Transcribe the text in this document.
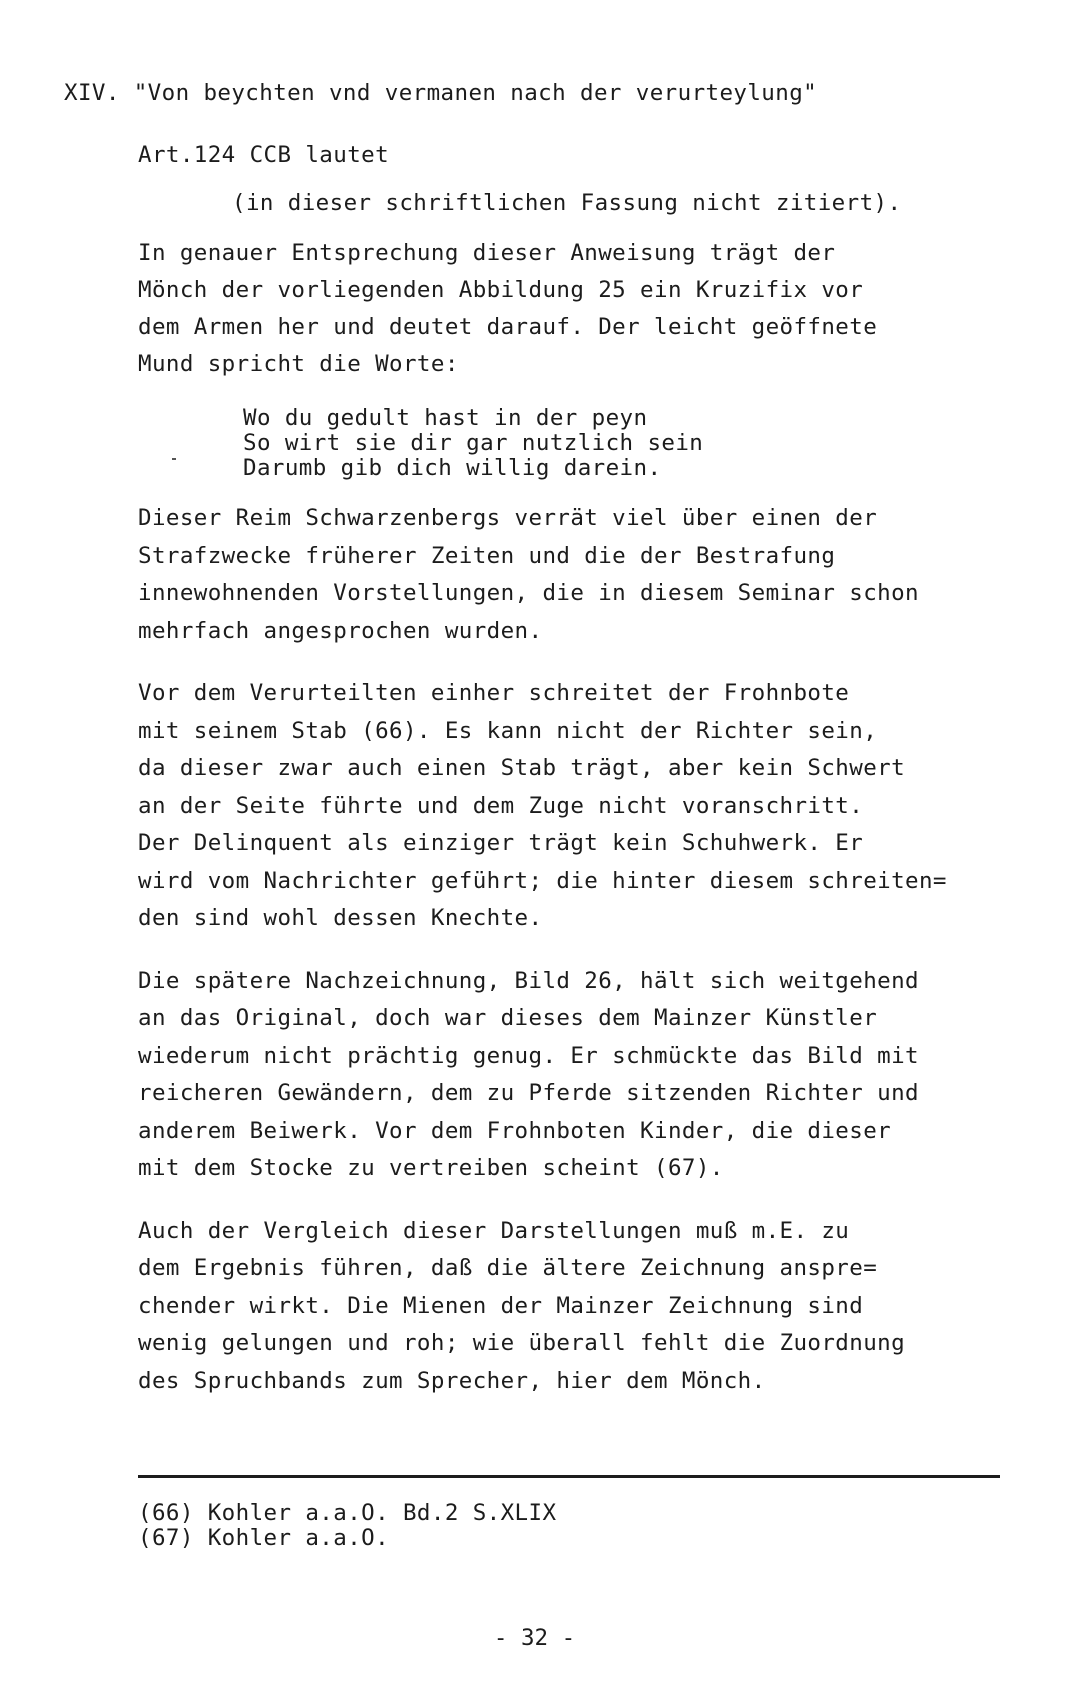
XIV. "Von beychten vnd vermanen nach der verurteylung"
Art.124 CCB lautet
(in dieser schriftlichen Fassung nicht zitiert).
In genauer Entsprechung dieser Anweisung trägt der
Mönch der vorliegenden Abbildung 25 ein Kruzifix vor
dem Armen her und deutet darauf. Der leicht geöffnete
Mund spricht die Worte:
Wo du gedult hast in der peyn
So wirt sie dir gar nutzlich sein
Darumb gib dich willig darein.
Dieser Reim Schwarzenbergs verrät viel über einen der
Strafzwecke früherer Zeiten und die der Bestrafung
innewohnenden Vorstellungen, die in diesem Seminar schon
mehrfach angesprochen wurden.
Vor dem Verurteilten einher schreitet der Frohnbote
mit seinem Stab (66). Es kann nicht der Richter sein,
da dieser zwar auch einen Stab trägt, aber kein Schwert
an der Seite führte und dem Zuge nicht voranschritt.
Der Delinquent als einziger trägt kein Schuhwerk. Er
wird vom Nachrichter geführt; die hinter diesem schreiten=
den sind wohl dessen Knechte.
Die spätere Nachzeichnung, Bild 26, hält sich weitgehend
an das Original, doch war dieses dem Mainzer Künstler
wiederum nicht prächtig genug. Er schmückte das Bild mit
reicheren Gewändern, dem zu Pferde sitzenden Richter und
anderem Beiwerk. Vor dem Frohnboten Kinder, die dieser
mit dem Stocke zu vertreiben scheint (67).
Auch der Vergleich dieser Darstellungen muß m.E. zu
dem Ergebnis führen, daß die ältere Zeichnung anspre=
chender wirkt. Die Mienen der Mainzer Zeichnung sind
wenig gelungen und roh; wie überall fehlt die Zuordnung
des Spruchbands zum Sprecher, hier dem Mönch.
(66) Kohler a.a.O. Bd.2 S.XLIX
(67) Kohler a.a.O.
- 32 -
